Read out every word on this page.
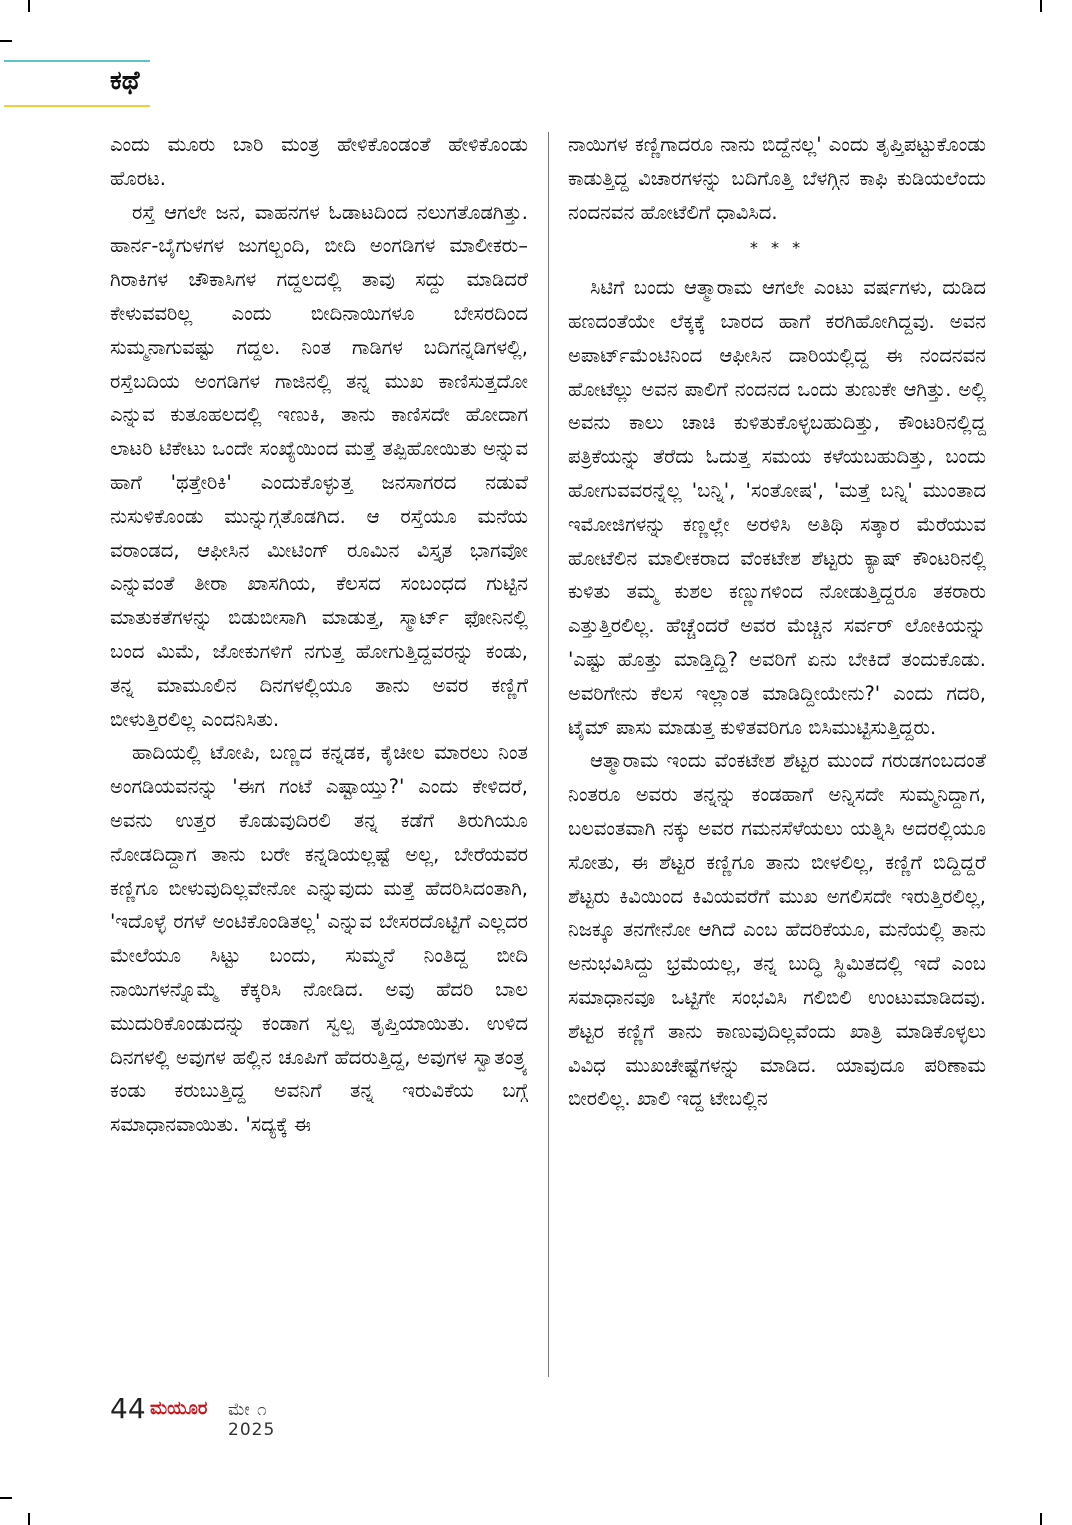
ಕಥೆ

ಎಂದು ಮೂರು ಬಾರಿ ಮಂತ್ರ ಹೇಳಿಕೊಂಡಂತೆ ಹೇಳಿಕೊಂಡು ಹೊರಟ.

ರಸ್ತೆ ಆಗಲೇ ಜನ, ವಾಹನಗಳ ಓಡಾಟದಿಂದ ನಲುಗತೊಡಗಿತ್ತು. ಹಾರ್ನ-ಬೈಗುಳಗಳ ಜುಗಲ್ಬಂದಿ, ಬೀದಿ ಅಂಗಡಿಗಳ ಮಾಲೀಕರು–ಗಿರಾಕಿಗಳ ಚೌಕಾಸಿಗಳ ಗದ್ದಲದಲ್ಲಿ ತಾವು ಸದ್ದು ಮಾಡಿದರೆ ಕೇಳುವವರಿಲ್ಲ ಎಂದು ಬೀದಿನಾಯಿಗಳೂ ಬೇಸರದಿಂದ ಸುಮ್ಮನಾಗುವಷ್ಟು ಗದ್ದಲ. ನಿಂತ ಗಾಡಿಗಳ ಬದಿಗನ್ನಡಿಗಳಲ್ಲಿ, ರಸ್ತೆಬದಿಯ ಅಂಗಡಿಗಳ ಗಾಜಿನಲ್ಲಿ ತನ್ನ ಮುಖ ಕಾಣಿಸುತ್ತದೋ ಎನ್ನುವ ಕುತೂಹಲದಲ್ಲಿ ಇಣುಕಿ, ತಾನು ಕಾಣಿಸದೇ ಹೋದಾಗ ಲಾಟರಿ ಟಿಕೇಟು ಒಂದೇ ಸಂಖ್ಯೆಯಿಂದ ಮತ್ತೆ ತಪ್ಪಿಹೋಯಿತು ಅನ್ನುವ ಹಾಗೆ 'ಥತ್ತೇರಿಕಿ' ಎಂದುಕೊಳ್ಳುತ್ತ ಜನಸಾಗರದ ನಡುವೆ ನುಸುಳಿಕೊಂಡು ಮುನ್ನುಗ್ಗತೊಡಗಿದ. ಆ ರಸ್ತೆಯೂ ಮನೆಯ ವರಾಂಡದ, ಆಫೀಸಿನ ಮೀಟಿಂಗ್ ರೂಮಿನ ವಿಸ್ತೃತ ಭಾಗವೋ ಎನ್ನುವಂತೆ ತೀರಾ ಖಾಸಗಿಯ, ಕೆಲಸದ ಸಂಬಂಧದ ಗುಟ್ಟಿನ ಮಾತುಕತೆಗಳನ್ನು ಬಿಡುಬೀಸಾಗಿ ಮಾಡುತ್ತ, ಸ್ಮಾರ್ಟ್ ಫೋನಿನಲ್ಲಿ ಬಂದ ಮಿಮೆ, ಜೋಕುಗಳಿಗೆ ನಗುತ್ತ ಹೋಗುತ್ತಿದ್ದವರನ್ನು ಕಂಡು, ತನ್ನ ಮಾಮೂಲಿನ ದಿನಗಳಲ್ಲಿಯೂ ತಾನು ಅವರ ಕಣ್ಣಿಗೆ ಬೀಳುತ್ತಿರಲಿಲ್ಲ ಎಂದನಿಸಿತು.

ಹಾದಿಯಲ್ಲಿ ಟೋಪಿ, ಬಣ್ಣದ ಕನ್ನಡಕ, ಕೈಚೀಲ ಮಾರಲು ನಿಂತ ಅಂಗಡಿಯವನನ್ನು 'ಈಗ ಗಂಟೆ ಎಷ್ಟಾಯ್ತು?' ಎಂದು ಕೇಳಿದರೆ, ಅವನು ಉತ್ತರ ಕೊಡುವುದಿರಲಿ ತನ್ನ ಕಡೆಗೆ ತಿರುಗಿಯೂ ನೋಡದಿದ್ದಾಗ ತಾನು ಬರೇ ಕನ್ನಡಿಯಲ್ಲಷ್ಟೆ ಅಲ್ಲ, ಬೇರೆಯವರ ಕಣ್ಣಿಗೂ ಬೀಳುವುದಿಲ್ಲವೇನೋ ಎನ್ನುವುದು ಮತ್ತೆ ಹೆದರಿಸಿದಂತಾಗಿ, 'ಇದೊಳ್ಳೆ ರಗಳೆ ಅಂಟಿಕೊಂಡಿತಲ್ಲ' ಎನ್ನುವ ಬೇಸರದೊಟ್ಟಿಗೆ ಎಲ್ಲದರ ಮೇಲೆಯೂ ಸಿಟ್ಟು ಬಂದು, ಸುಮ್ಮನೆ ನಿಂತಿದ್ದ ಬೀದಿ ನಾಯಿಗಳನ್ನೊಮ್ಮೆ ಕೆಕ್ಕರಿಸಿ ನೋಡಿದ. ಅವು ಹೆದರಿ ಬಾಲ ಮುದುರಿಕೊಂಡುದನ್ನು ಕಂಡಾಗ ಸ್ವಲ್ಪ ತೃಪ್ತಿಯಾಯಿತು. ಉಳಿದ ದಿನಗಳಲ್ಲಿ ಅವುಗಳ ಹಲ್ಲಿನ ಚೂಪಿಗೆ ಹೆದರುತ್ತಿದ್ದ, ಅವುಗಳ ಸ್ವಾತಂತ್ರ್ಯ ಕಂಡು ಕರುಬುತ್ತಿದ್ದ ಅವನಿಗೆ ತನ್ನ ಇರುವಿಕೆಯ ಬಗ್ಗೆ ಸಮಾಧಾನವಾಯಿತು. 'ಸದ್ಯಕ್ಕೆ ಈ

ನಾಯಿಗಳ ಕಣ್ಣಿಗಾದರೂ ನಾನು ಬಿದ್ದೆನಲ್ಲ' ಎಂದು ತೃಪ್ತಿಪಟ್ಟುಕೊಂಡು ಕಾಡುತ್ತಿದ್ದ ವಿಚಾರಗಳನ್ನು ಬದಿಗೊತ್ತಿ ಬೆಳಗ್ಗಿನ ಕಾಫಿ ಕುಡಿಯಲೆಂದು ನಂದನವನ ಹೋಟೆಲಿಗೆ ಧಾವಿಸಿದ.

* * *

ಸಿಟಿಗೆ ಬಂದು ಆತ್ಮಾರಾಮ ಆಗಲೇ ಎಂಟು ವರ್ಷಗಳು, ದುಡಿದ ಹಣದಂತೆಯೇ ಲೆಕ್ಕಕ್ಕೆ ಬಾರದ ಹಾಗೆ ಕರಗಿಹೋಗಿದ್ದವು. ಅವನ ಅಪಾರ್ಟ್‌ಮೆಂಟಿನಿಂದ ಆಫೀಸಿನ ದಾರಿಯಲ್ಲಿದ್ದ ಈ ನಂದನವನ ಹೋಟೆಲ್ಲು ಅವನ ಪಾಲಿಗೆ ನಂದನದ ಒಂದು ತುಣುಕೇ ಆಗಿತ್ತು. ಅಲ್ಲಿ ಅವನು ಕಾಲು ಚಾಚಿ ಕುಳಿತುಕೊಳ್ಳಬಹುದಿತ್ತು, ಕೌಂಟರಿನಲ್ಲಿದ್ದ ಪತ್ರಿಕೆಯನ್ನು ತೆರೆದು ಓದುತ್ತ ಸಮಯ ಕಳೆಯಬಹುದಿತ್ತು, ಬಂದು ಹೋಗುವವರನ್ನೆಲ್ಲ 'ಬನ್ನಿ', 'ಸಂತೋಷ', 'ಮತ್ತೆ ಬನ್ನಿ' ಮುಂತಾದ ಇಮೋಜಿಗಳನ್ನು ಕಣ್ಣಲ್ಲೇ ಅರಳಿಸಿ ಅತಿಥಿ ಸತ್ಕಾರ ಮೆರೆಯುವ ಹೋಟೆಲಿನ ಮಾಲೀಕರಾದ ವೆಂಕಟೇಶ ಶೆಟ್ಟರು ಕ್ಯಾಷ್ ಕೌಂಟರಿನಲ್ಲಿ ಕುಳಿತು ತಮ್ಮ ಕುಶಲ ಕಣ್ಣುಗಳಿಂದ ನೋಡುತ್ತಿದ್ದರೂ ತಕರಾರು ಎತ್ತುತ್ತಿರಲಿಲ್ಲ. ಹೆಚ್ಚೆಂದರೆ ಅವರ ಮೆಚ್ಚಿನ ಸರ್ವರ್ ಲೋಕಿಯನ್ನು 'ಎಷ್ಟು ಹೊತ್ತು ಮಾಡ್ತಿದ್ದಿ? ಅವರಿಗೆ ಏನು ಬೇಕಿದೆ ತಂದುಕೊಡು. ಅವರಿಗೇನು ಕೆಲಸ ಇಲ್ಲಾಂತ ಮಾಡಿದ್ದೀಯೇನು?' ಎಂದು ಗದರಿ, ಟೈಮ್ ಪಾಸು ಮಾಡುತ್ತ ಕುಳಿತವರಿಗೂ ಬಿಸಿಮುಟ್ಟಿಸುತ್ತಿದ್ದರು.

ಆತ್ಮಾರಾಮ ಇಂದು ವೆಂಕಟೇಶ ಶೆಟ್ಟರ ಮುಂದೆ ಗರುಡಗಂಬದಂತೆ ನಿಂತರೂ ಅವರು ತನ್ನನ್ನು ಕಂಡಹಾಗೆ ಅನ್ನಿಸದೇ ಸುಮ್ಮನಿದ್ದಾಗ, ಬಲವಂತವಾಗಿ ನಕ್ಕು ಅವರ ಗಮನಸೆಳೆಯಲು ಯತ್ನಿಸಿ ಅದರಲ್ಲಿಯೂ ಸೋತು, ಈ ಶೆಟ್ಟರ ಕಣ್ಣಿಗೂ ತಾನು ಬೀಳಲಿಲ್ಲ, ಕಣ್ಣಿಗೆ ಬಿದ್ದಿದ್ದರೆ ಶೆಟ್ಟರು ಕಿವಿಯಿಂದ ಕಿವಿಯವರೆಗೆ ಮುಖ ಅಗಲಿಸದೇ ಇರುತ್ತಿರಲಿಲ್ಲ, ನಿಜಕ್ಕೂ ತನಗೇನೋ ಆಗಿದೆ ಎಂಬ ಹೆದರಿಕೆಯೂ, ಮನೆಯಲ್ಲಿ ತಾನು ಅನುಭವಿಸಿದ್ದು ಭ್ರಮೆಯಲ್ಲ, ತನ್ನ ಬುದ್ಧಿ ಸ್ಥಿಮಿತದಲ್ಲಿ ಇದೆ ಎಂಬ ಸಮಾಧಾನವೂ ಒಟ್ಟಿಗೇ ಸಂಭವಿಸಿ ಗಲಿಬಿಲಿ ಉಂಟುಮಾಡಿದವು. ಶೆಟ್ಟರ ಕಣ್ಣಿಗೆ ತಾನು ಕಾಣುವುದಿಲ್ಲವೆಂದು ಖಾತ್ರಿ ಮಾಡಿಕೊಳ್ಳಲು ವಿವಿಧ ಮುಖಚೇಷ್ಟೆಗಳನ್ನು ಮಾಡಿದ. ಯಾವುದೂ ಪರಿಣಾಮ ಬೀರಲಿಲ್ಲ. ಖಾಲಿ ಇದ್ದ ಟೇಬಲ್ಲಿನ

44 ಮಯೂರ ಮೇ ೧ 2025
